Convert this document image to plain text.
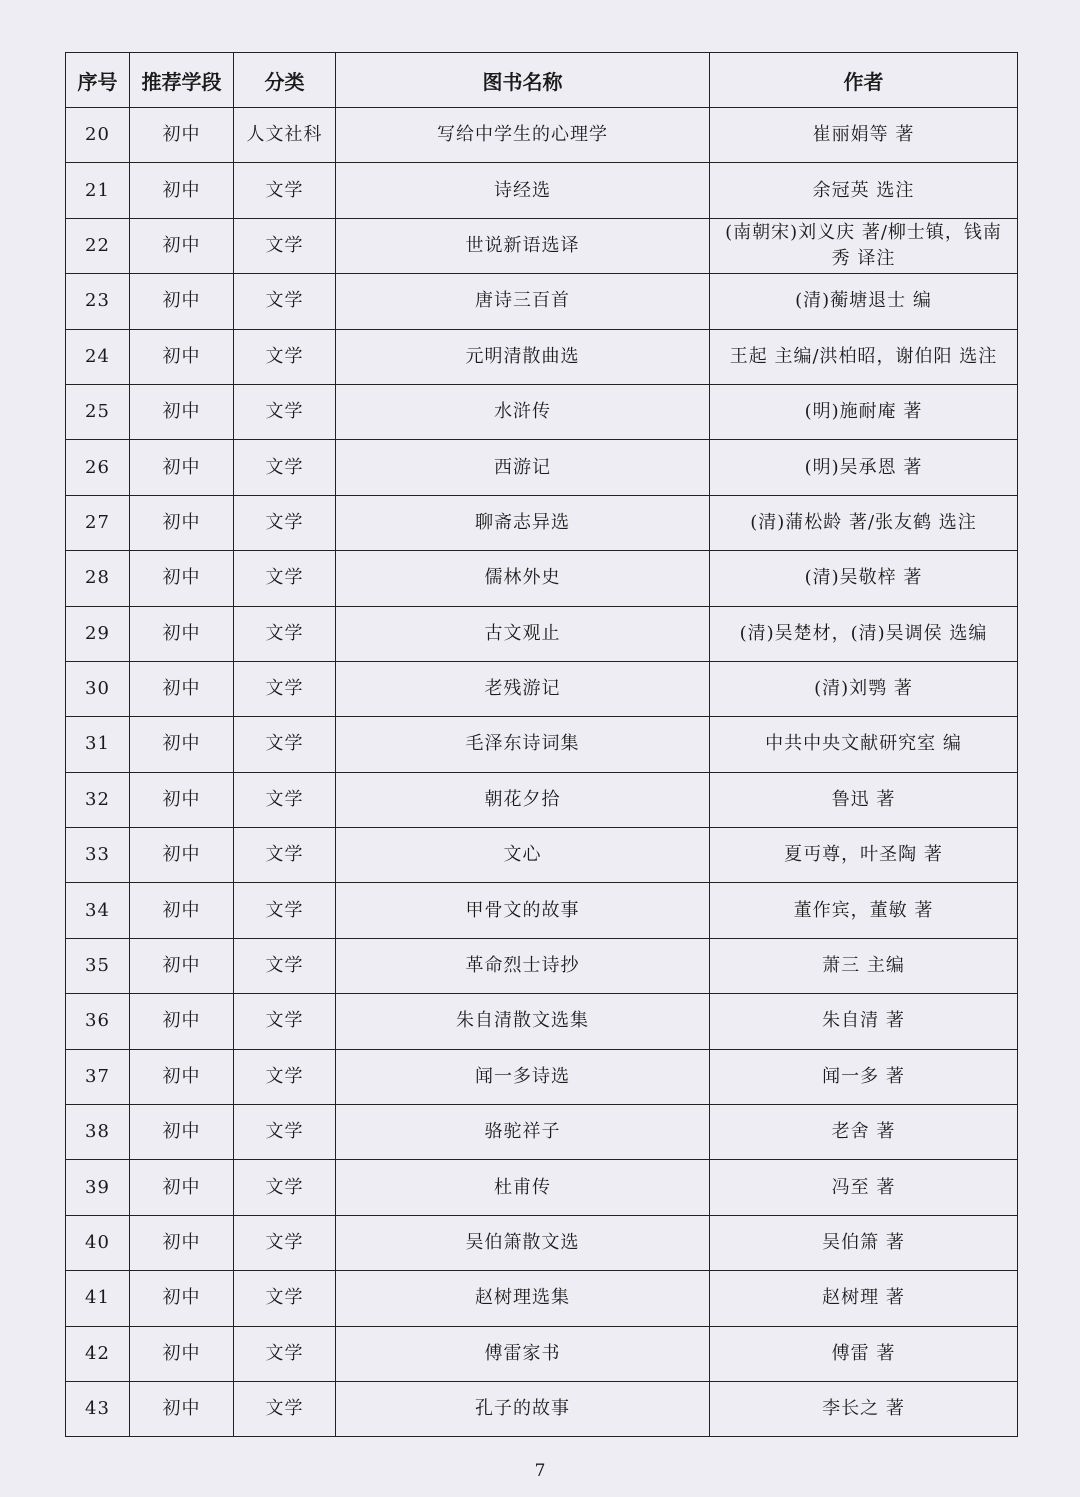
序号	推荐学段	分类	图书名称	作者
20	初中	人文社科	写给中学生的心理学	崔丽娟等 著
21	初中	文学	诗经选	余冠英 选注
22	初中	文学	世说新语选译	(南朝宋)刘义庆 著/柳士镇，钱南秀 译注
23	初中	文学	唐诗三百首	(清)蘅塘退士 编
24	初中	文学	元明清散曲选	王起 主编/洪柏昭，谢伯阳 选注
25	初中	文学	水浒传	(明)施耐庵 著
26	初中	文学	西游记	(明)吴承恩 著
27	初中	文学	聊斋志异选	(清)蒲松龄 著/张友鹤 选注
28	初中	文学	儒林外史	(清)吴敬梓 著
29	初中	文学	古文观止	(清)吴楚材，(清)吴调侯 选编
30	初中	文学	老残游记	(清)刘鹗 著
31	初中	文学	毛泽东诗词集	中共中央文献研究室 编
32	初中	文学	朝花夕拾	鲁迅 著
33	初中	文学	文心	夏丏尊，叶圣陶 著
34	初中	文学	甲骨文的故事	董作宾，董敏 著
35	初中	文学	革命烈士诗抄	萧三 主编
36	初中	文学	朱自清散文选集	朱自清 著
37	初中	文学	闻一多诗选	闻一多 著
38	初中	文学	骆驼祥子	老舍 著
39	初中	文学	杜甫传	冯至 著
40	初中	文学	吴伯箫散文选	吴伯箫 著
41	初中	文学	赵树理选集	赵树理 著
42	初中	文学	傅雷家书	傅雷 著
43	初中	文学	孔子的故事	李长之 著
7
